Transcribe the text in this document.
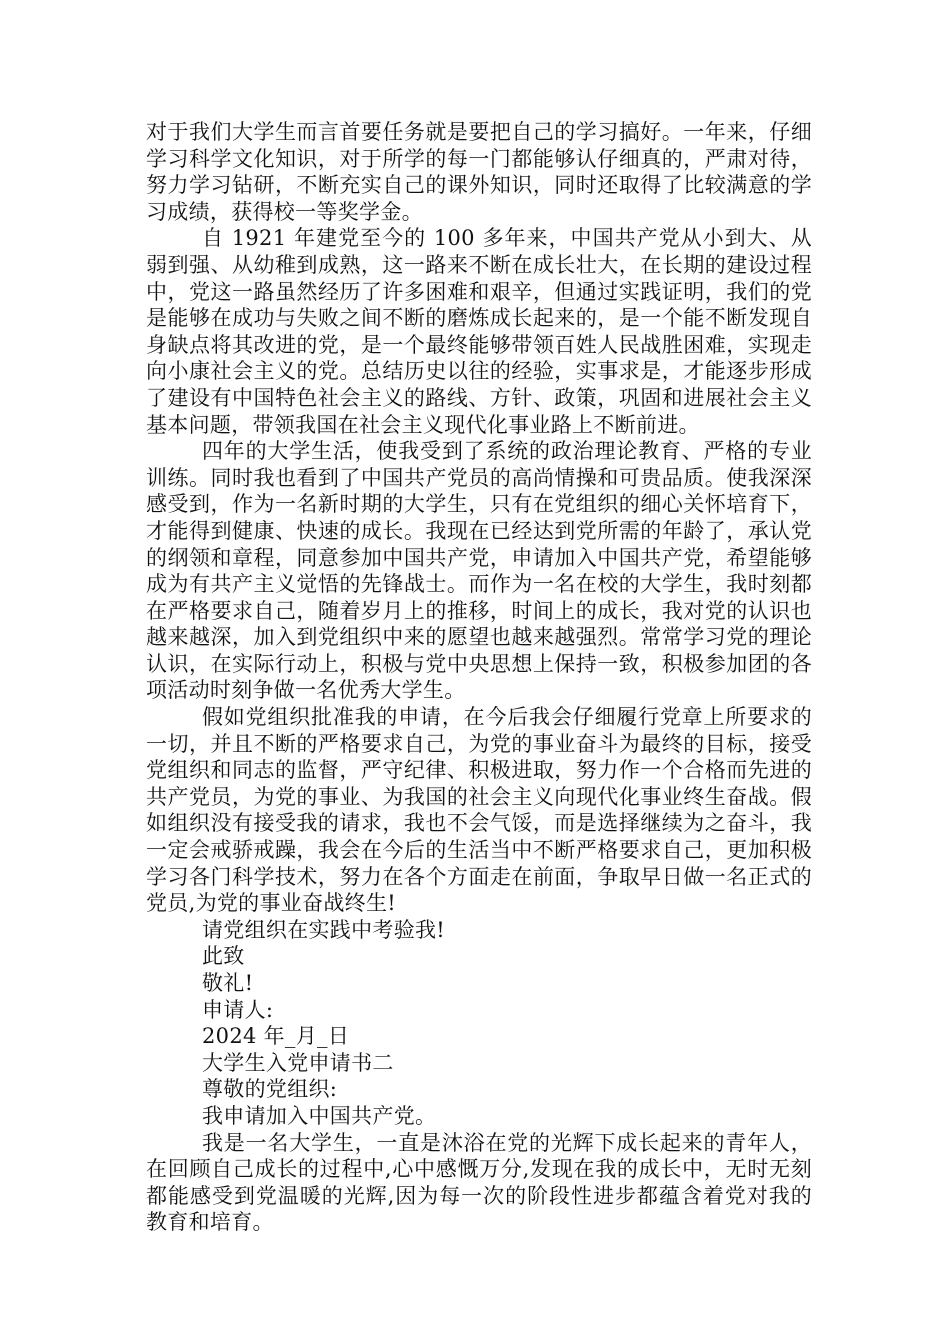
对于我们大学生而言首要任务就是要把自己的学习搞好。一年来，仔细学习科学文化知识，对于所学的每一门都能够认仔细真的，严肃对待，努力学习钻研，不断充实自己的课外知识，同时还取得了比较满意的学习成绩，获得校一等奖学金。

自 1921 年建党至今的 100 多年来，中国共产党从小到大、从弱到强、从幼稚到成熟，这一路来不断在成长壮大，在长期的建设过程中，党这一路虽然经历了许多困难和艰辛，但通过实践证明，我们的党是能够在成功与失败之间不断的磨炼成长起来的，是一个能不断发现自身缺点将其改进的党，是一个最终能够带领百姓人民战胜困难，实现走向小康社会主义的党。总结历史以往的经验，实事求是，才能逐步形成了建设有中国特色社会主义的路线、方针、政策，巩固和进展社会主义基本问题，带领我国在社会主义现代化事业路上不断前进。

四年的大学生活，使我受到了系统的政治理论教育、严格的专业训练。同时我也看到了中国共产党员的高尚情操和可贵品质。使我深深感受到，作为一名新时期的大学生，只有在党组织的细心关怀培育下，才能得到健康、快速的成长。我现在已经达到党所需的年龄了，承认党的纲领和章程，同意参加中国共产党，申请加入中国共产党，希望能够成为有共产主义觉悟的先锋战士。而作为一名在校的大学生，我时刻都在严格要求自己，随着岁月上的推移，时间上的成长，我对党的认识也越来越深，加入到党组织中来的愿望也越来越强烈。常常学习党的理论认识，在实际行动上，积极与党中央思想上保持一致，积极参加团的各项活动时刻争做一名优秀大学生。

假如党组织批准我的申请，在今后我会仔细履行党章上所要求的一切，并且不断的严格要求自己，为党的事业奋斗为最终的目标，接受党组织和同志的监督，严守纪律、积极进取，努力作一个合格而先进的共产党员，为党的事业、为我国的社会主义向现代化事业终生奋战。假如组织没有接受我的请求，我也不会气馁，而是选择继续为之奋斗，我一定会戒骄戒躁，我会在今后的生活当中不断严格要求自己，更加积极学习各门科学技术，努力在各个方面走在前面，争取早日做一名正式的党员,为党的事业奋战终生!

请党组织在实践中考验我!
此致
敬礼!
申请人:
2024 年_月_日
大学生入党申请书二
尊敬的党组织:
我申请加入中国共产党。

我是一名大学生，一直是沐浴在党的光辉下成长起来的青年人，在回顾自己成长的过程中,心中感慨万分,发现在我的成长中，无时无刻都能感受到党温暖的光辉,因为每一次的阶段性进步都蕴含着党对我的教育和培育。
